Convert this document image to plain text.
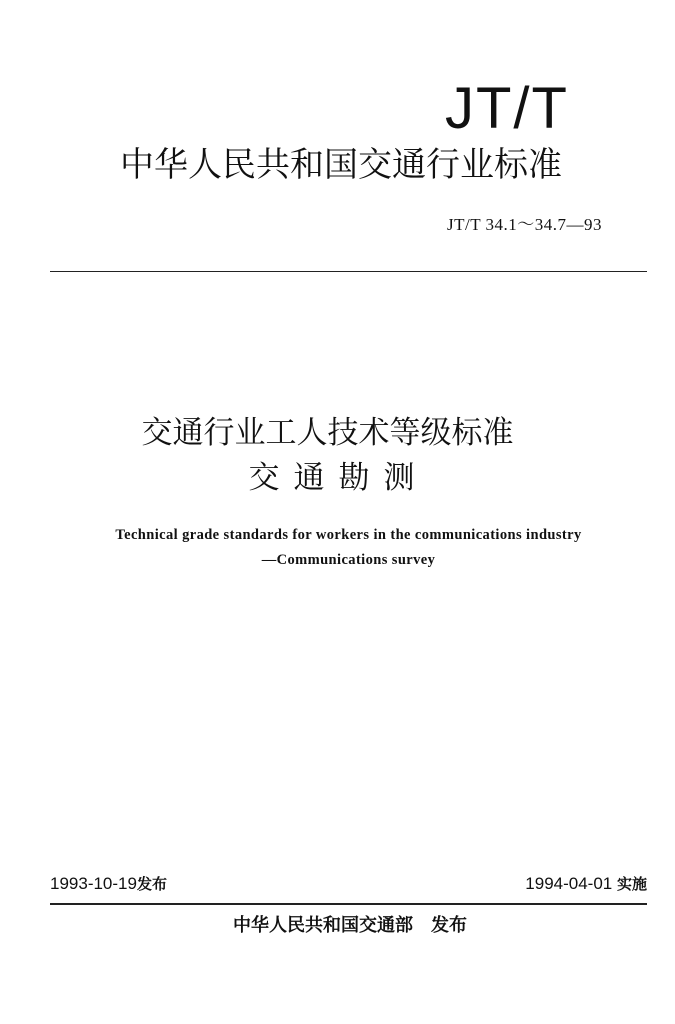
JT/T
中华人民共和国交通行业标准
JT/T 34.1～34.7—93
交通行业工人技术等级标准
交通勘测
Technical grade standards for workers in the communications industry
—Communications survey
1993-10-19发布	1994-04-01 实施
中华人民共和国交通部 发布
